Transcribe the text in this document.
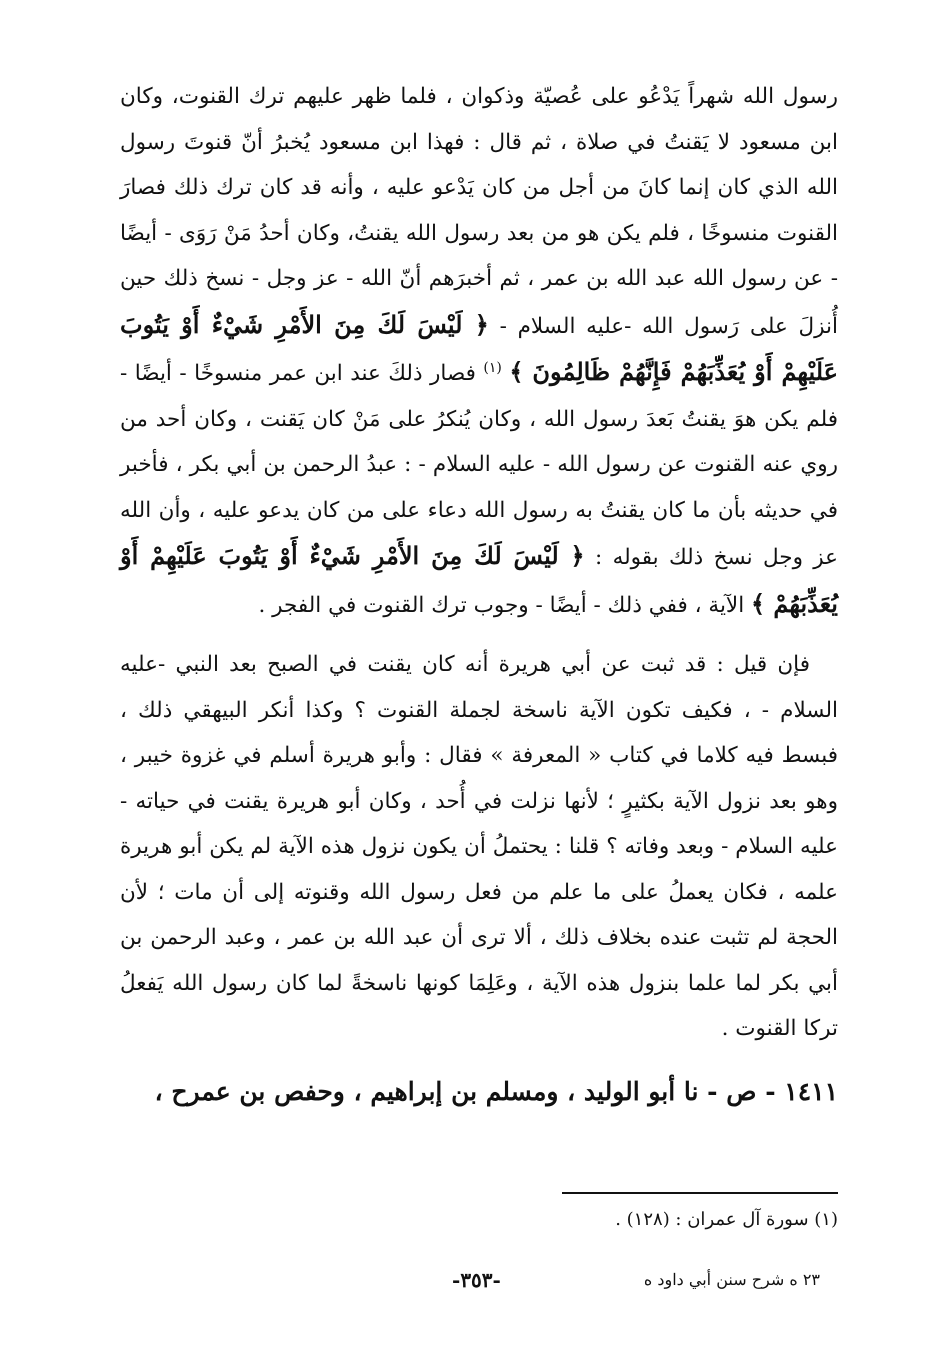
رسول الله شهراً يَدْعُو على عُصيّة وذكوان ، فلما ظهر عليهم ترك القنوت، وكان ابن مسعود لا يَقنتُ في صلاة ، ثم قال : فهذا ابن مسعود يُخبرُ أنّ قنوتَ رسول الله الذي كان إنما كانَ من أجل من كان يَدْعو عليه ، وأنه قد كان ترك ذلك فصارَ القنوت منسوخًا ، فلم يكن هو من بعد رسول الله يقنتُ، وكان أحدُ مَنْ رَوَى - أيضًا - عن رسول الله عبد الله بن عمر ، ثم أخبرَهم أنّ الله - عز وجل - نسخ ذلك حين أُنزلَ على رَسول الله -عليه السلام - ﴿ لَيْسَ لَكَ مِنَ الأَمْرِ شَيْءٌ أَوْ يَتُوبَ عَلَيْهِمْ أَوْ يُعَذِّبَهُمْ فَإِنَّهُمْ ظَالِمُونَ ﴾ $^{(١)}$ فصار ذلكَ عند ابن عمر منسوخًا - أيضًا - فلم يكن هوَ يقنتُ بَعدَ رسول الله ، وكان يُنكرُ على مَنْ كان يَقنت ، وكان أحد من روي عنه القنوت عن رسول الله - عليه السلام - : عبدُ الرحمن بن أبي بكر ، فأخبر في حديثه بأن ما كان يقنتُ به رسول الله دعاء على من كان يدعو عليه ، وأن الله عز وجل نسخ ذلك بقوله : ﴿ لَيْسَ لَكَ مِنَ الأَمْرِ شَيْءٌ أَوْ يَتُوبَ عَلَيْهِمْ أَوْ يُعَذِّبَهُمْ ﴾ الآية ، ففي ذلك - أيضًا - وجوب ترك القنوت في الفجر .

فإن قيل : قد ثبت عن أبي هريرة أنه كان يقنت في الصبح بعد النبي -عليه السلام - ، فكيف تكون الآية ناسخة لجملة القنوت ؟ وكذا أنكر البيهقي ذلك ، فبسط فيه كلاما في كتاب « المعرفة » فقال : وأبو هريرة أسلم في غزوة خيبر ، وهو بعد نزول الآية بكثيرٍ ؛ لأنها نزلت في أُحد ، وكان أبو هريرة يقنت في حياته - عليه السلام - وبعد وفاته ؟ قلنا : يحتملُ أن يكون نزول هذه الآية لم يكن أبو هريرة علمه ، فكان يعملُ على ما علم من فعل رسول الله وقنوته إلى أن مات ؛ لأن الحجة لم تثبت عنده بخلاف ذلك ، ألا ترى أن عبد الله بن عمر ، وعبد الرحمن بن أبي بكر لما علما بنزول هذه الآية ، وعَلِمَا كونها ناسخةً لما كان رسول الله يَفعلُ تركا القنوت .

١٤١١ - ص - نا أبو الوليد ، ومسلم بن إبراهيم ، وحفص بن عمرح ،

(١) سورة آل عمران : (١٢٨) .

٢٣ ه شرح سنن أبي داود ه
-٣٥٣-
